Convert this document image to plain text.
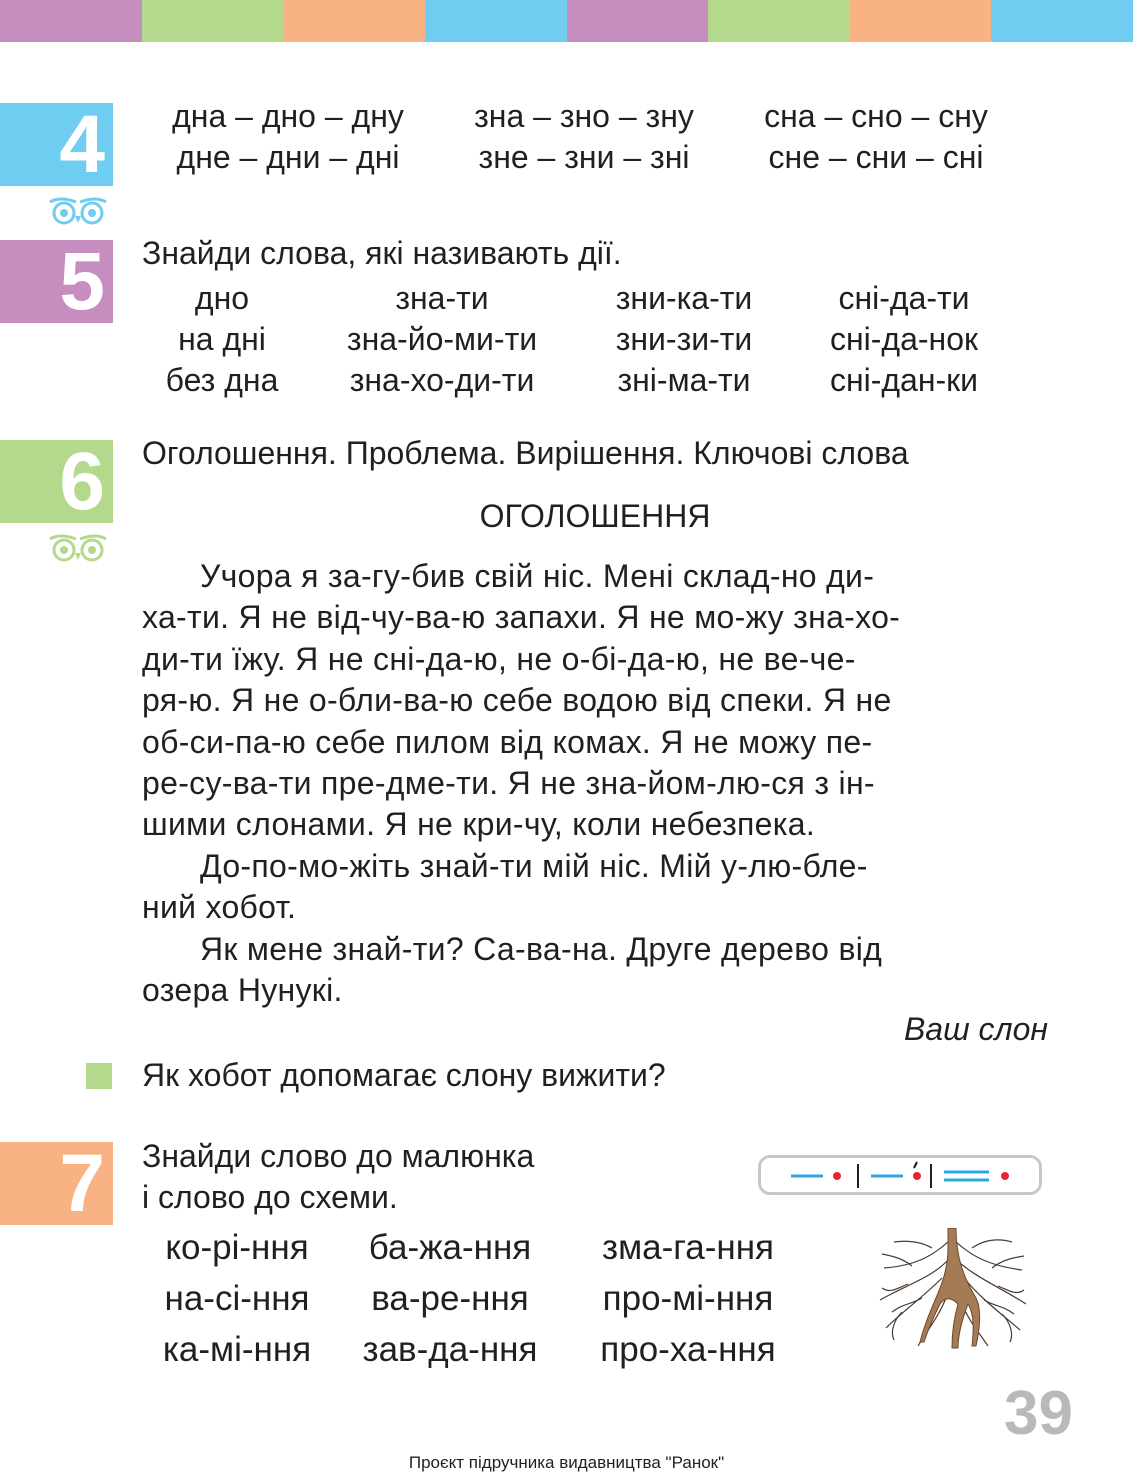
4	дна – дно – дну	зна – зно – зну	сна – сно – сну
дне – дни – дні	зне – зни – зні	сне – сни – сні
5 Знайди слова, які називають дії.
дно	зна-ти	зни-ка-ти	сні-да-ти
на дні	зна-йо-ми-ти	зни-зи-ти	сні-да-нок
без дна	зна-хо-ди-ти	зні-ма-ти	сні-дан-ки
6 Оголошення. Проблема. Вирішення. Ключові слова
ОГОЛОШЕННЯ

Учора я за-гу-бив свій ніс. Мені склад-но ди-

ха-ти. Я не від-чу-ва-ю запахи. Я не мо-жу зна-хо-

ди-ти їжу. Я не сні-да-ю, не о-бі-да-ю, не ве-че-

ря-ю. Я не о-бли-ва-ю себе водою від спеки. Я не

об-си-па-ю себе пилом від комах. Я не можу пе-

ре-су-ва-ти пре-дме-ти. Я не зна-йом-лю-ся з ін-

шими слонами. Я не кри-чу, коли небезпека.

До-по-мо-жіть знай-ти мій ніс. Мій у-лю-бле-

ний хобот.

Як мене знай-ти? Са-ва-на. Друге дерево від

озера Нунукі.

Ваш слон
Як хобот допомагає слону вижити?
7 Знайди слово до малюнка
і слово до схеми.
ко-рі-ння	ба-жа-ння	зма-га-ння
на-сі-ння	ва-ре-ння	про-мі-ння
ка-мі-ння	зав-да-ння	про-ха-ння
39
Проєкт підручника видавництва "Ранок"
